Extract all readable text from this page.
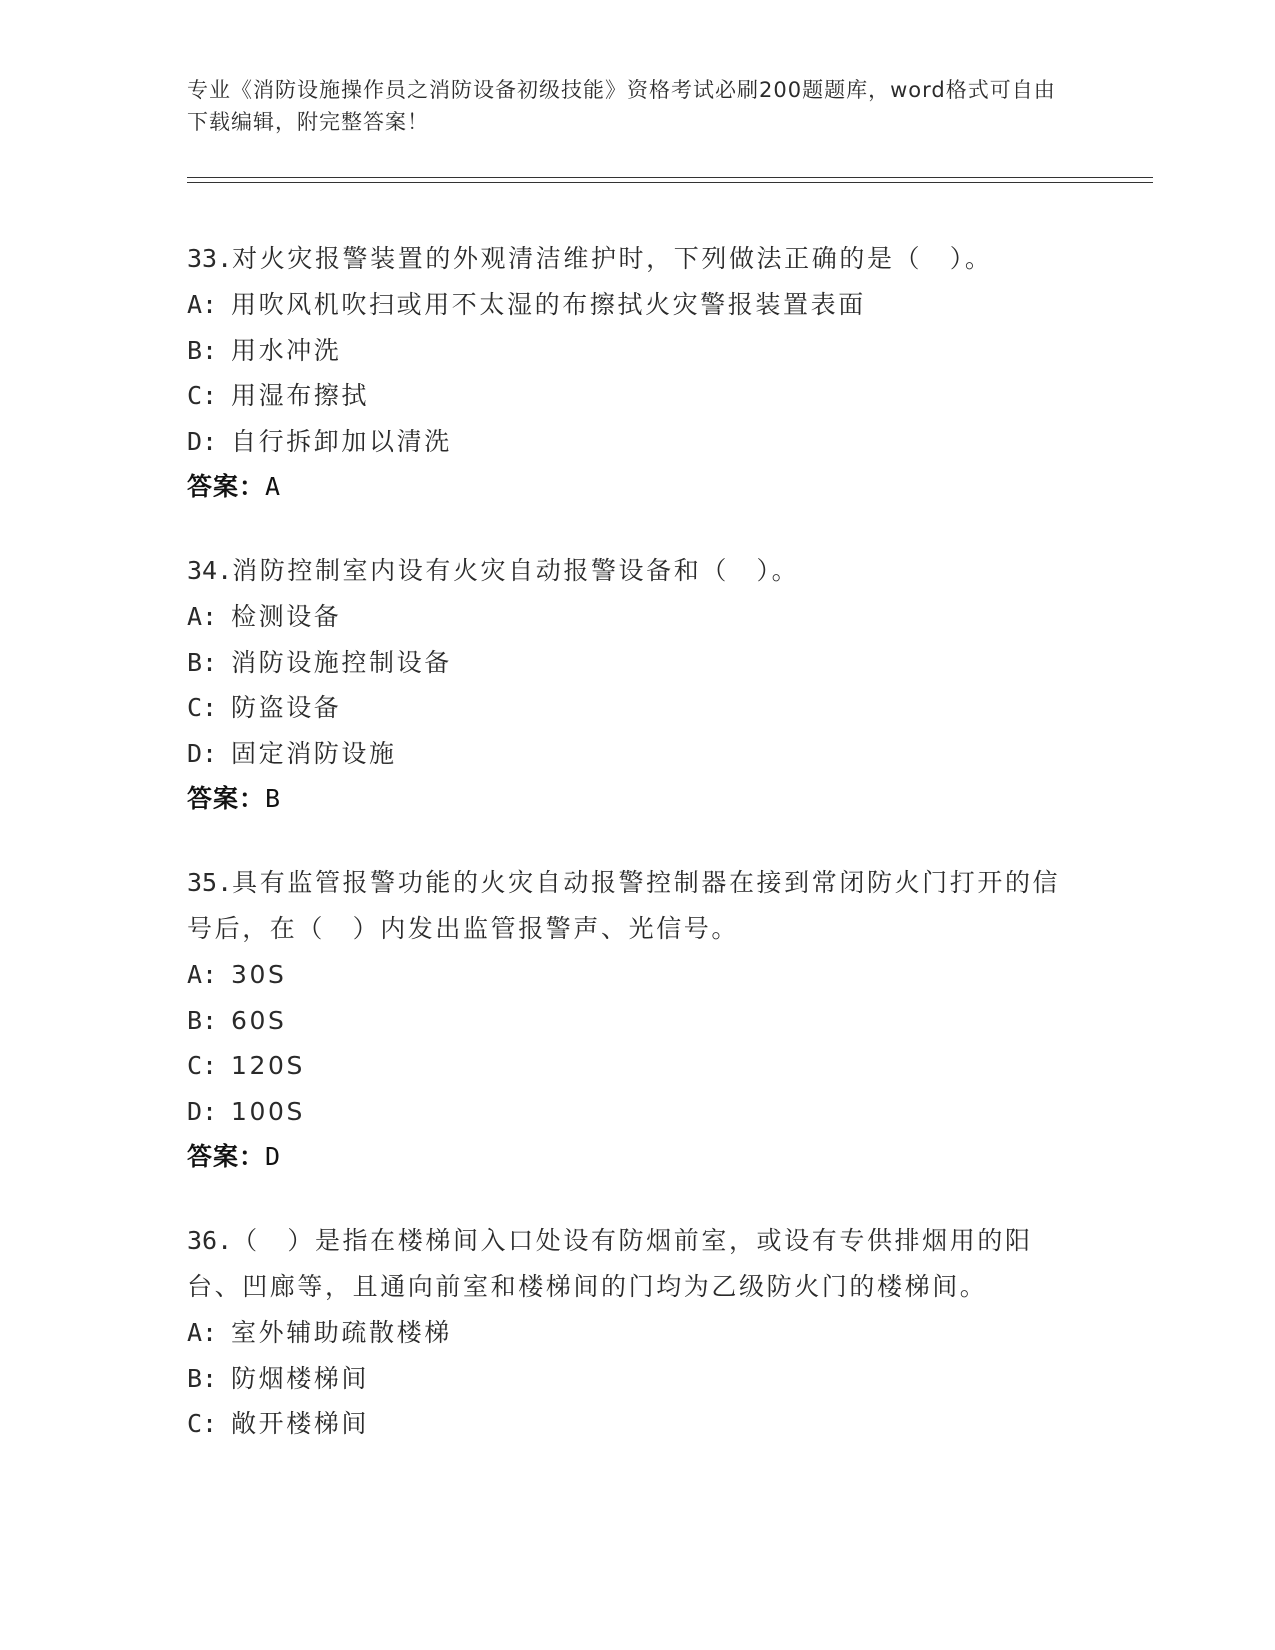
专业《消防设施操作员之消防设备初级技能》资格考试必刷200题题库，word格式可自由下载编辑，附完整答案！

33.对火灾报警装置的外观清洁维护时，下列做法正确的是（　）。

A: 用吹风机吹扫或用不太湿的布擦拭火灾警报装置表面
B: 用水冲洗
C: 用湿布擦拭
D: 自行拆卸加以清洗
答案：A

34.消防控制室内设有火灾自动报警设备和（　）。

A: 检测设备
B: 消防设施控制设备
C: 防盗设备
D: 固定消防设施
答案：B

35.具有监管报警功能的火灾自动报警控制器在接到常闭防火门打开的信号后，在（　）内发出监管报警声、光信号。

A: 30S
B: 60S
C: 120S
D: 100S
答案：D

36.（　）是指在楼梯间入口处设有防烟前室，或设有专供排烟用的阳台、凹廊等，且通向前室和楼梯间的门均为乙级防火门的楼梯间。

A: 室外辅助疏散楼梯
B: 防烟楼梯间
C: 敞开楼梯间
